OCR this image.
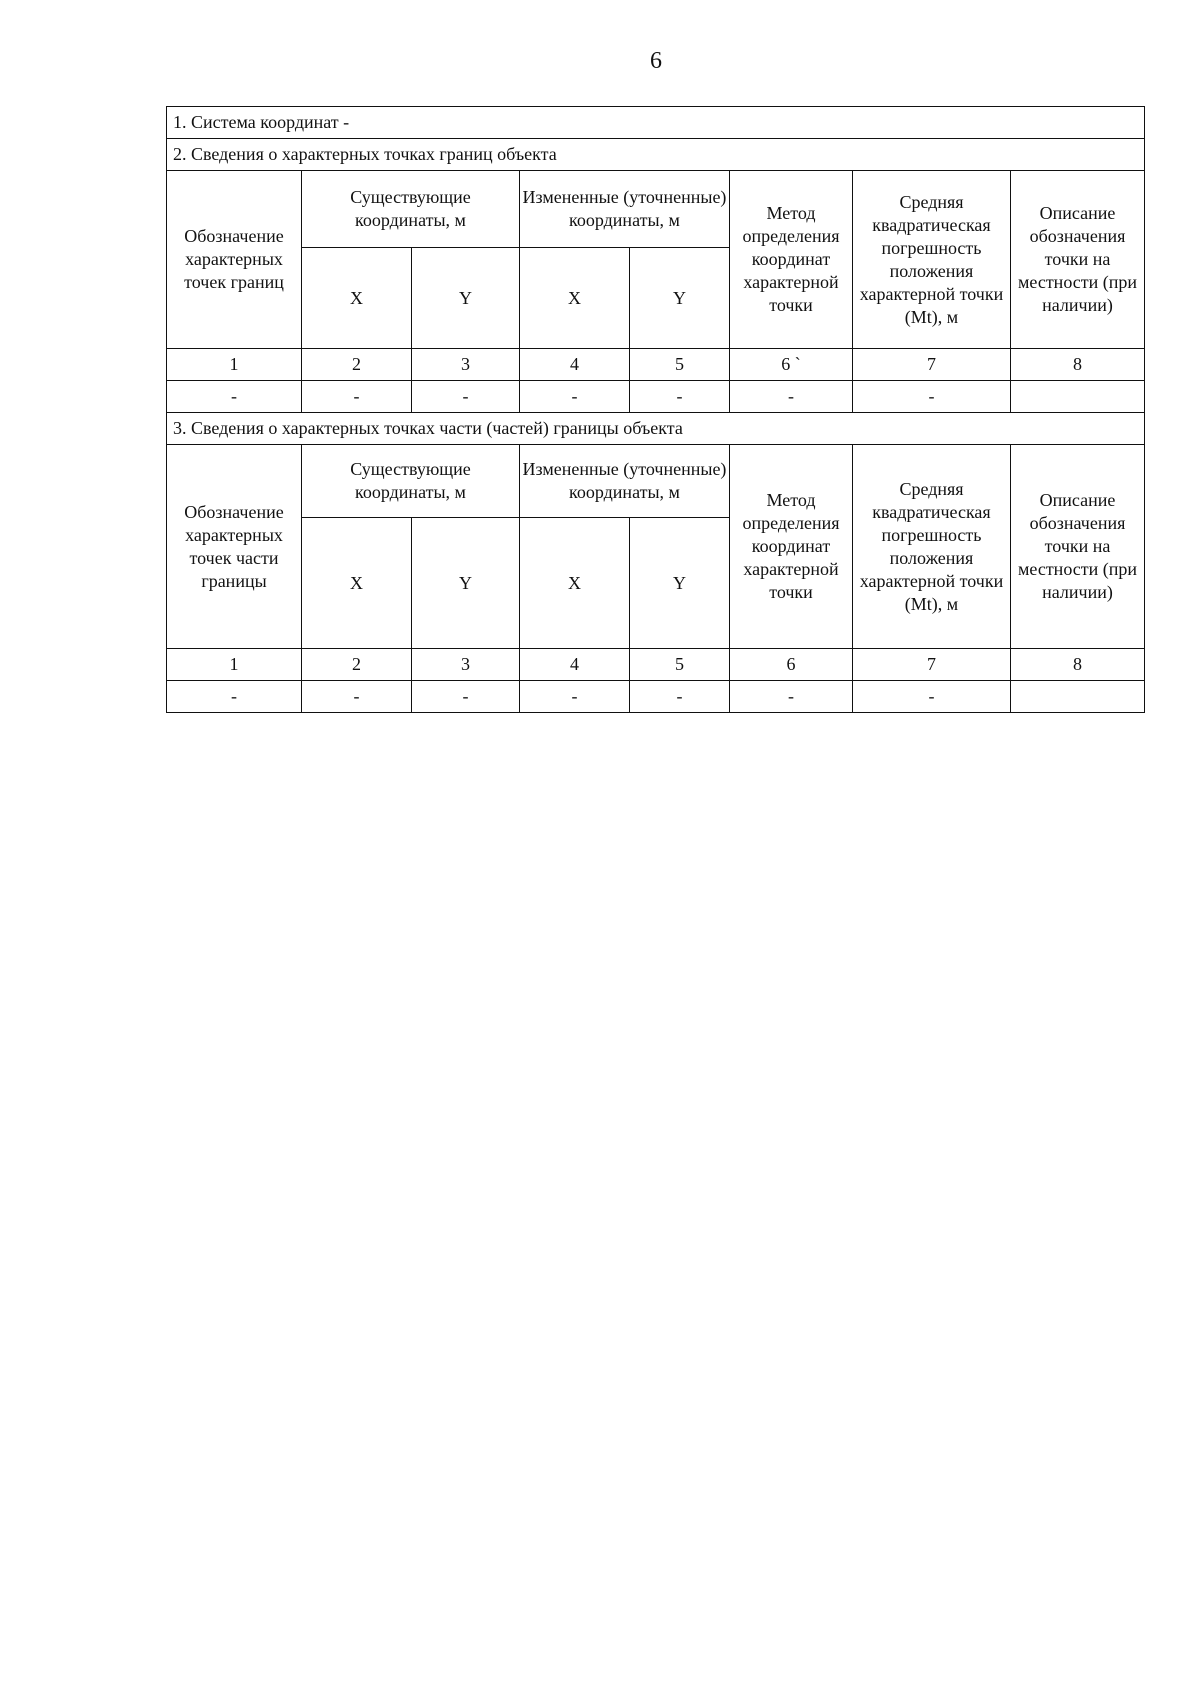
6
1. Система координат -							
2. Сведения о характерных точках границ объекта							
Обозначение характерных точек границ	Существующие координаты, м		Измененные (уточненные) координаты, м		Метод определения координат характерной точки	Средняя квадратическая погрешность положения характерной точки (Mt), м	Описание обозначения точки на местности (при наличии)
	X	Y	X	Y			
1	2	3	4	5	6 `	7	8
-	-	-	-	-	-	-	
3. Сведения о характерных точках части (частей) границы объекта							
Обозначение характерных точек части границы	Существующие координаты, м		Измененные (уточненные) координаты, м		Метод определения координат характерной точки	Средняя квадратическая погрешность положения характерной точки (Mt), м	Описание обозначения точки на местности (при наличии)
	X	Y	X	Y			
1	2	3	4	5	6	7	8
-	-	-	-	-	-	-	
